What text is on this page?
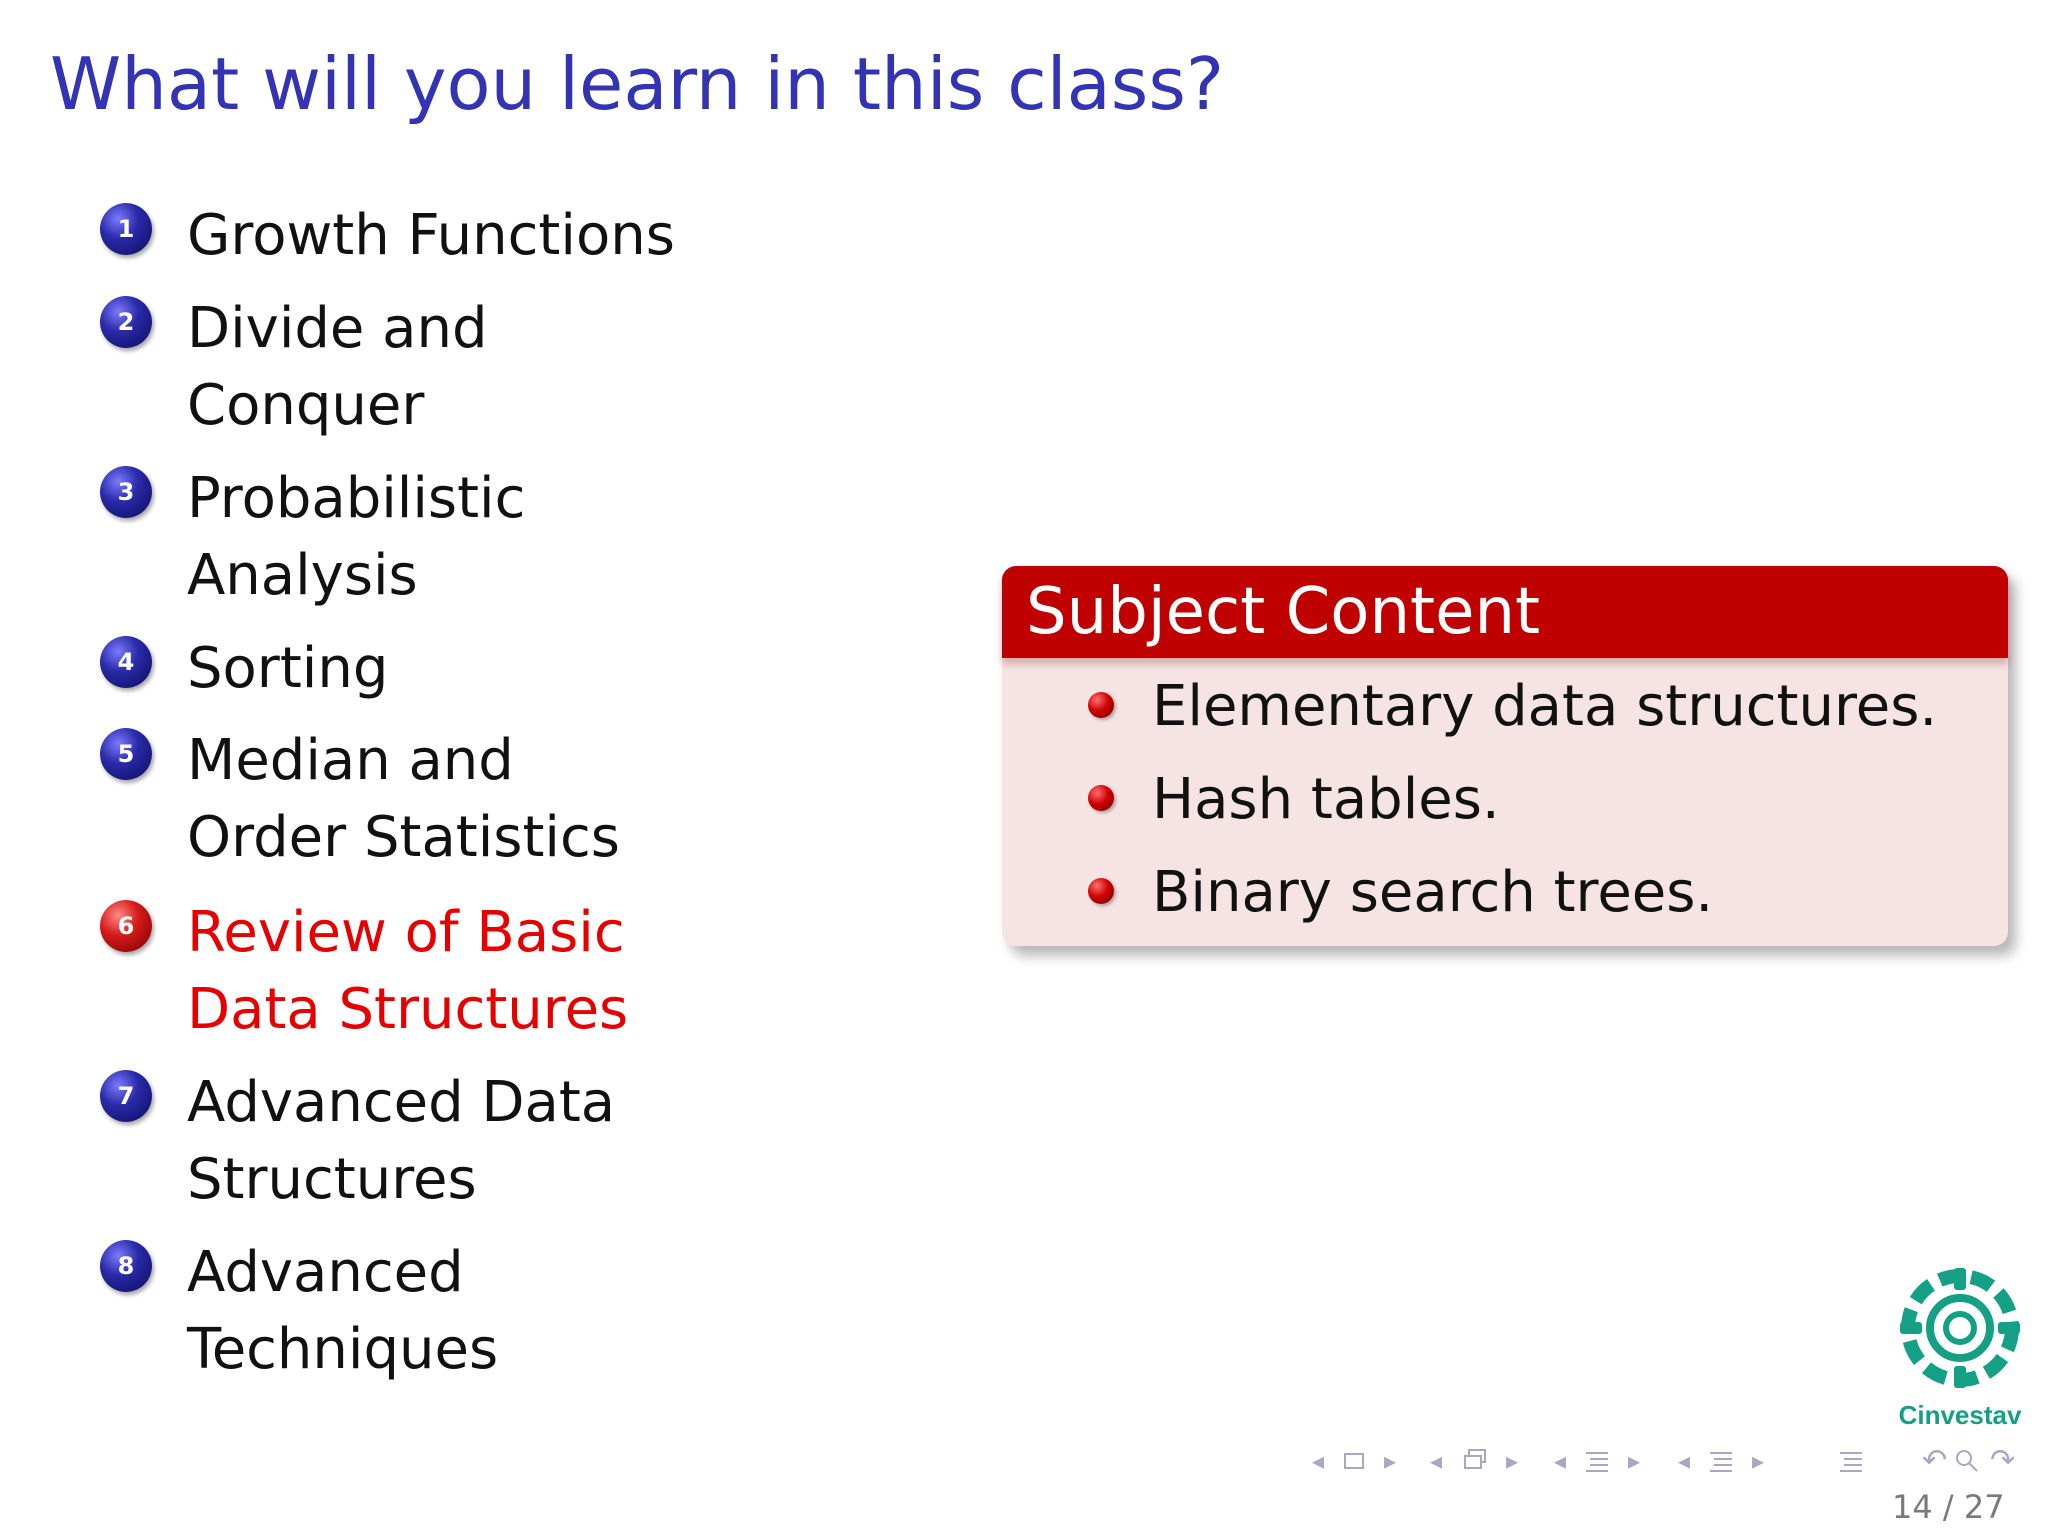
What will you learn in this class?
1 Growth Functions
2 Divide and
Conquer
3 Probabilistic
Analysis
4 Sorting
5 Median and
Order Statistics
6 Review of Basic
Data Structures
7 Advanced Data
Structures
8 Advanced
Techniques
Subject Content
Elementary data structures.
Hash tables.
Binary search trees.
Cinvestav
◂ ▸ ◂	▸ ◂	▸ ◂	▸	↶ ↷
14 / 27
